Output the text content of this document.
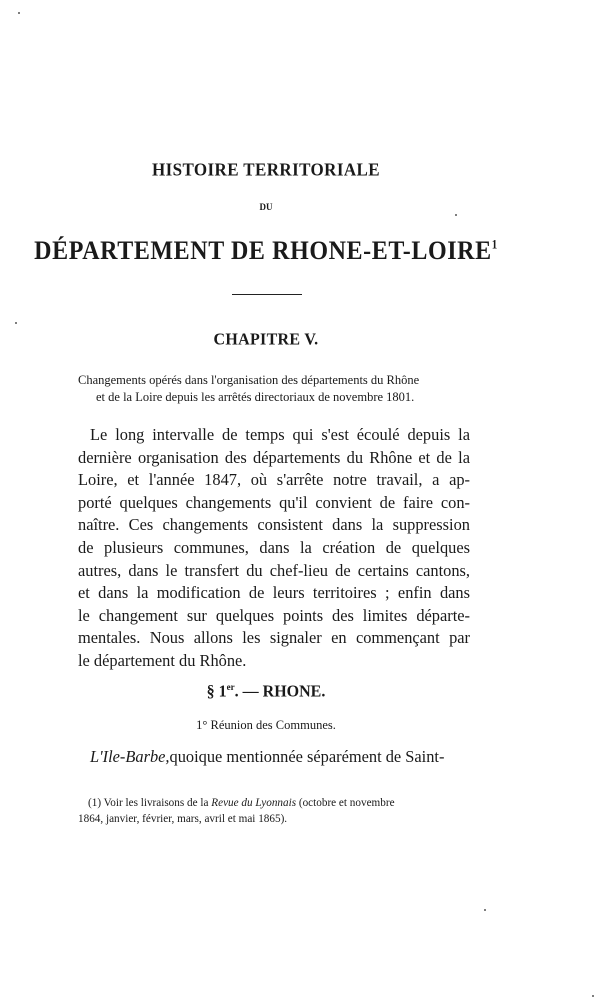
HISTOIRE TERRITORIALE
DU
DÉPARTEMENT DE RHONE-ET-LOIRE$^1$
CHAPITRE V.
Changements opérés dans l'organisation des départements du Rhône
et de la Loire depuis les arrêtés directoriaux de novembre 1801.
Le long intervalle de temps qui s'est écoulé depuis la
dernière organisation des départements du Rhône et de la
Loire, et l'année 1847, où s'arrête notre travail, a ap-
porté quelques changements qu'il convient de faire con-
naître. Ces changements consistent dans la suppression
de plusieurs communes, dans la création de quelques
autres, dans le transfert du chef-lieu de certains cantons,
et dans la modification de leurs territoires ; enfin dans
le changement sur quelques points des limites départe-
mentales. Nous allons les signaler en commençant par
le département du Rhône.
§ 1er. — RHONE.
1° Réunion des Communes.
L'Ile-Barbe,quoique mentionnée séparément de Saint-
(1) Voir les livraisons de la Revue du Lyonnais (octobre et novembre
1864, janvier, février, mars, avril et mai 1865).
